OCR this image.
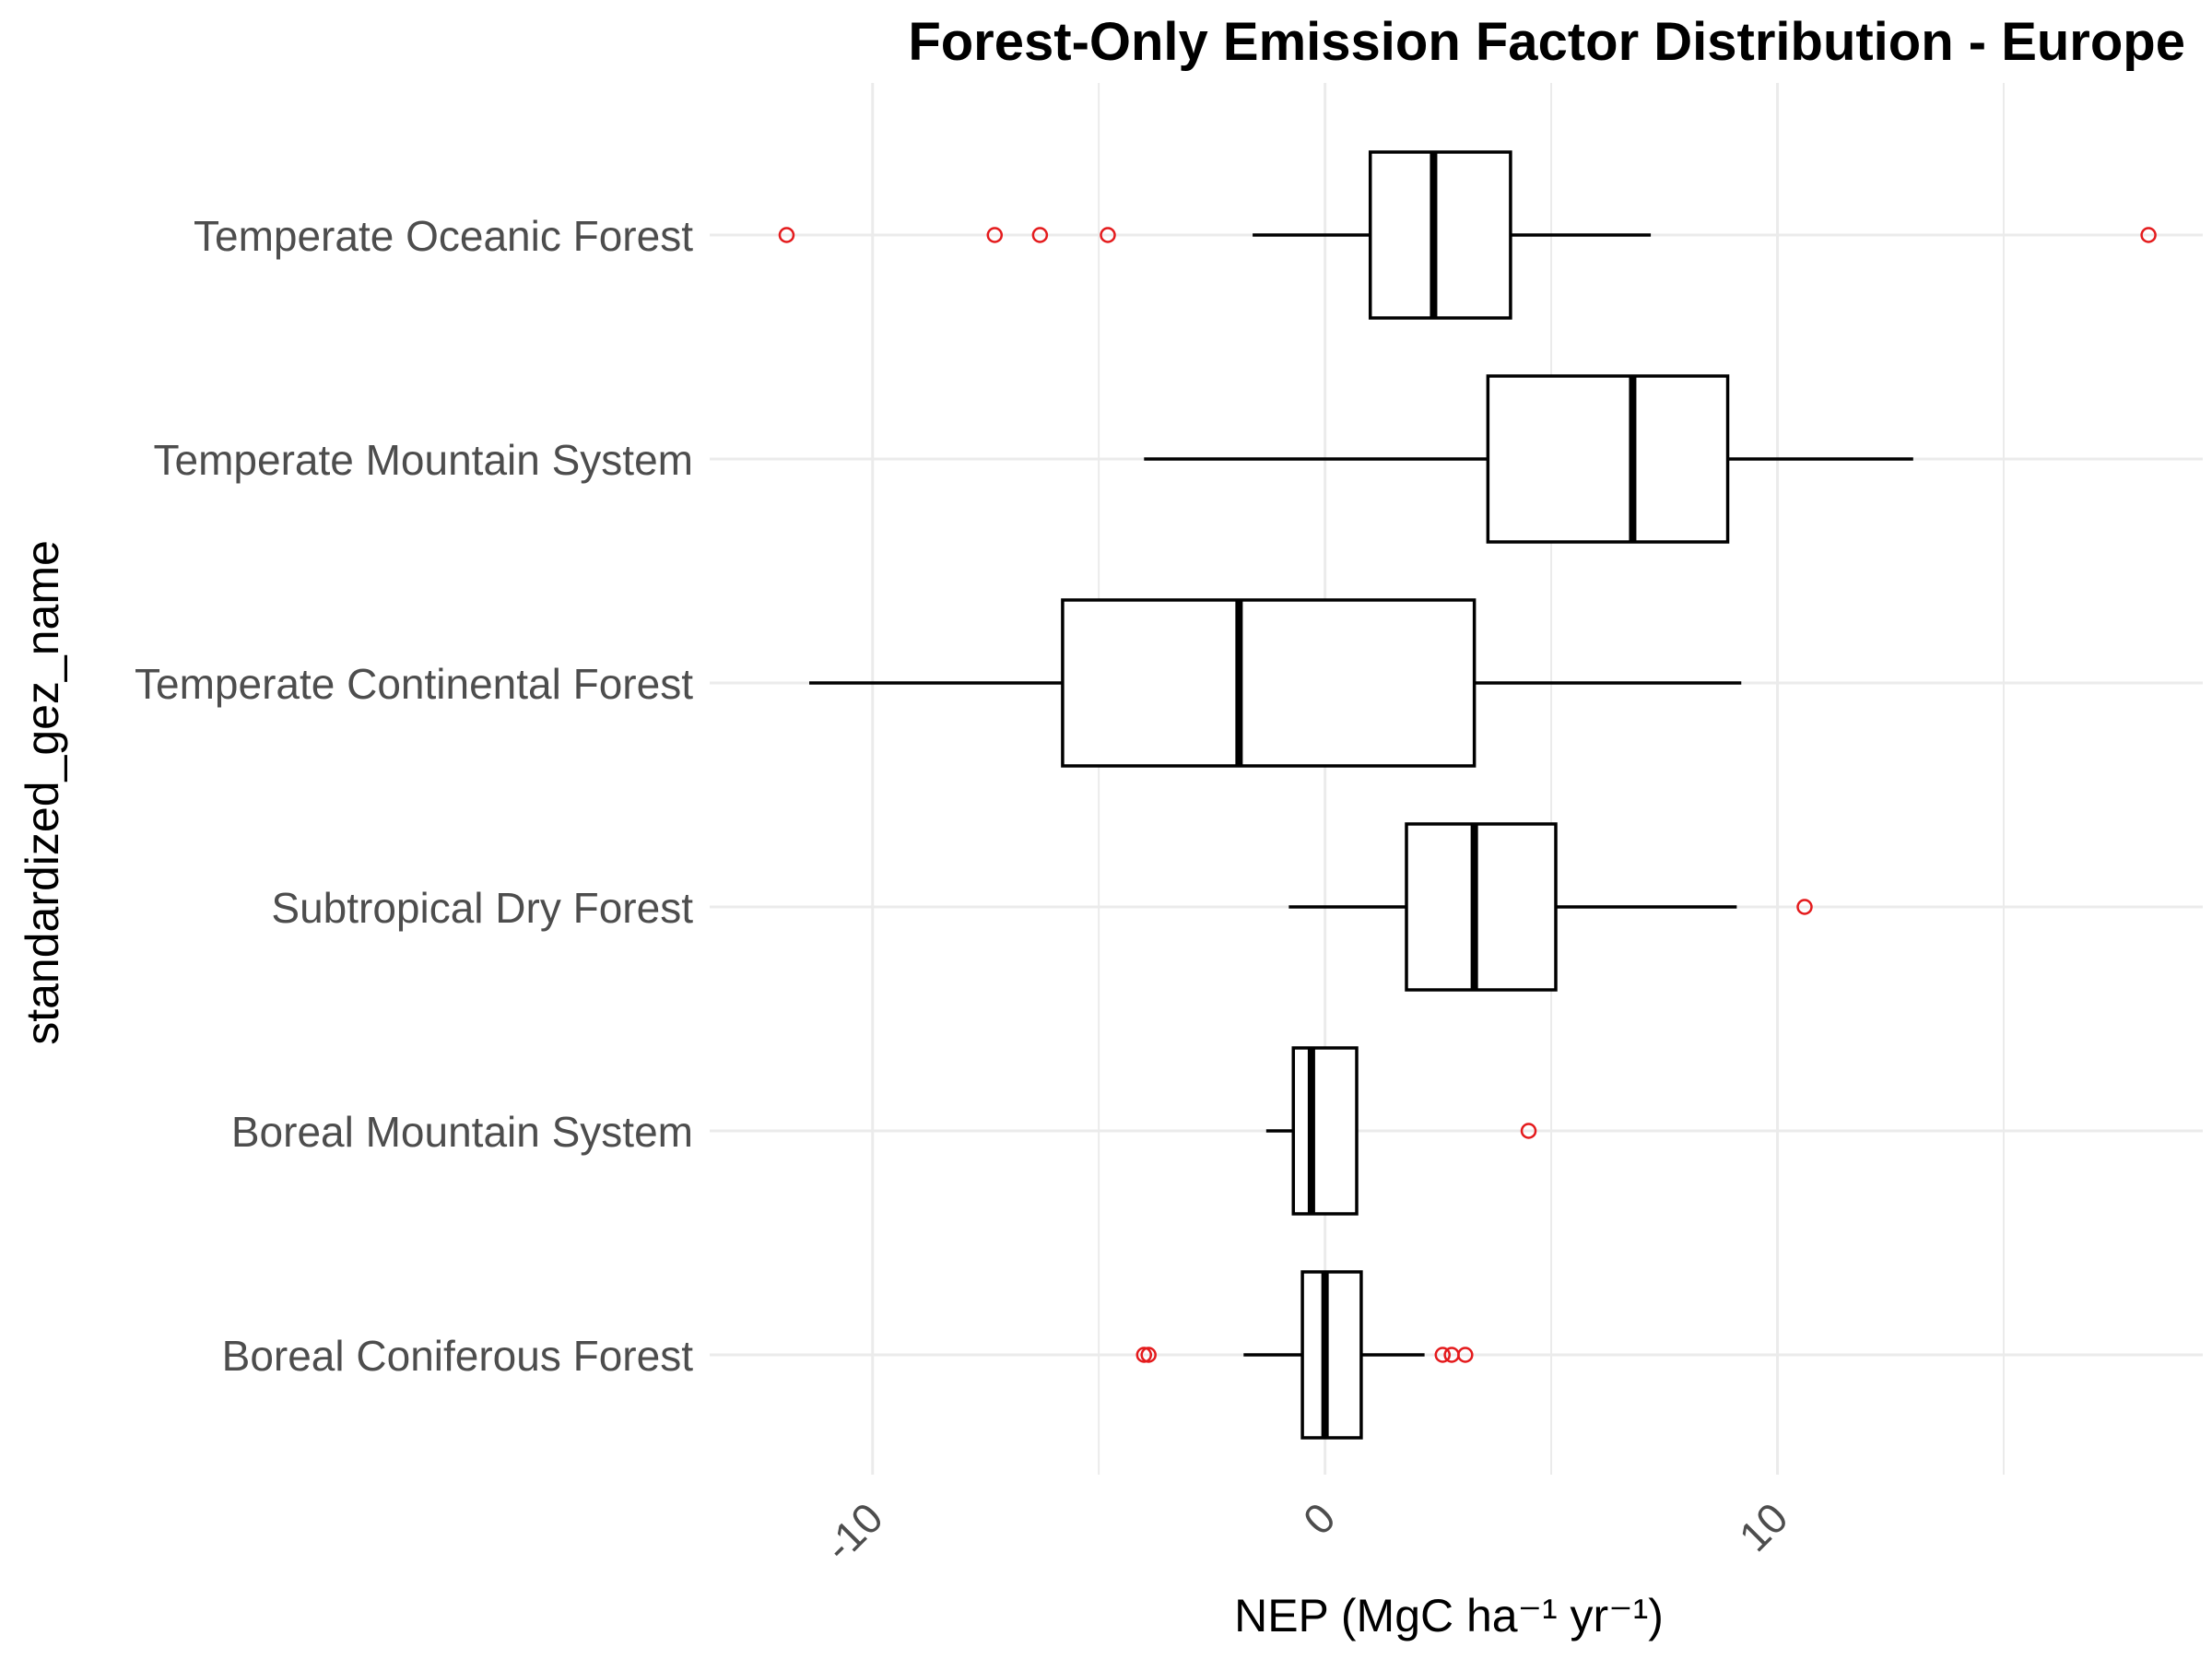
Forest-Only Emission Factor Distribution - Europe
Temperate Oceanic Forest
Temperate Mountain System
Temperate Continental Forest
Subtropical Dry Forest
Boreal Mountain System
Boreal Coniferous Forest
-10	0	10
NEP (MgC ha⁻¹ yr⁻¹)
standardized_gez_name
